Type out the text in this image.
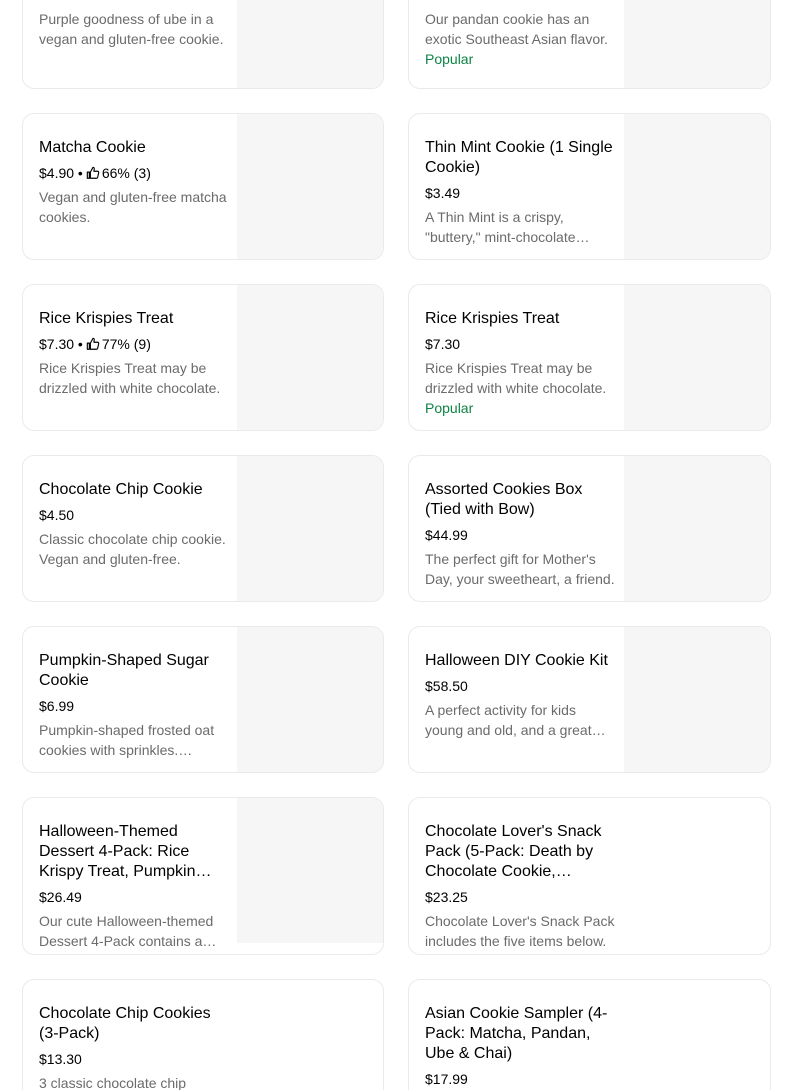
Purple goodness of ube in a vegan and gluten-free cookie.
Our pandan cookie has an exotic Southeast Asian flavor.
Popular
Matcha Cookie
$4.90 • 66% (3)
Vegan and gluten-free matcha cookies.
Thin Mint Cookie (1 Single Cookie)
$3.49
A Thin Mint is a crispy, "buttery," mint-chocolate
Rice Krispies Treat
$7.30 • 77% (9)
Rice Krispies Treat may be drizzled with white chocolate.
Rice Krispies Treat
$7.30
Rice Krispies Treat may be drizzled with white chocolate.
Popular
Chocolate Chip Cookie
$4.50
Classic chocolate chip cookie. Vegan and gluten-free.
Assorted Cookies Box (Tied with Bow)
$44.99
The perfect gift for Mother's Day, your sweetheart, a friend.
Pumpkin-Shaped Sugar Cookie
$6.99
Pumpkin-shaped frosted oat cookies with sprinkles.
Halloween DIY Cookie Kit
$58.50
A perfect activity for kids young and old, and a great
Halloween-Themed Dessert 4-Pack: Rice Krispy Treat, Pumpkin
$26.49
Our cute Halloween-themed Dessert 4-Pack contains a
Chocolate Lover's Snack Pack (5-Pack: Death by Chocolate Cookie,
$23.25
Chocolate Lover's Snack Pack includes the five items below.
Chocolate Chip Cookies (3-Pack)
$13.30
3 classic chocolate chip
Asian Cookie Sampler (4-Pack: Matcha, Pandan, Ube & Chai)
$17.99
